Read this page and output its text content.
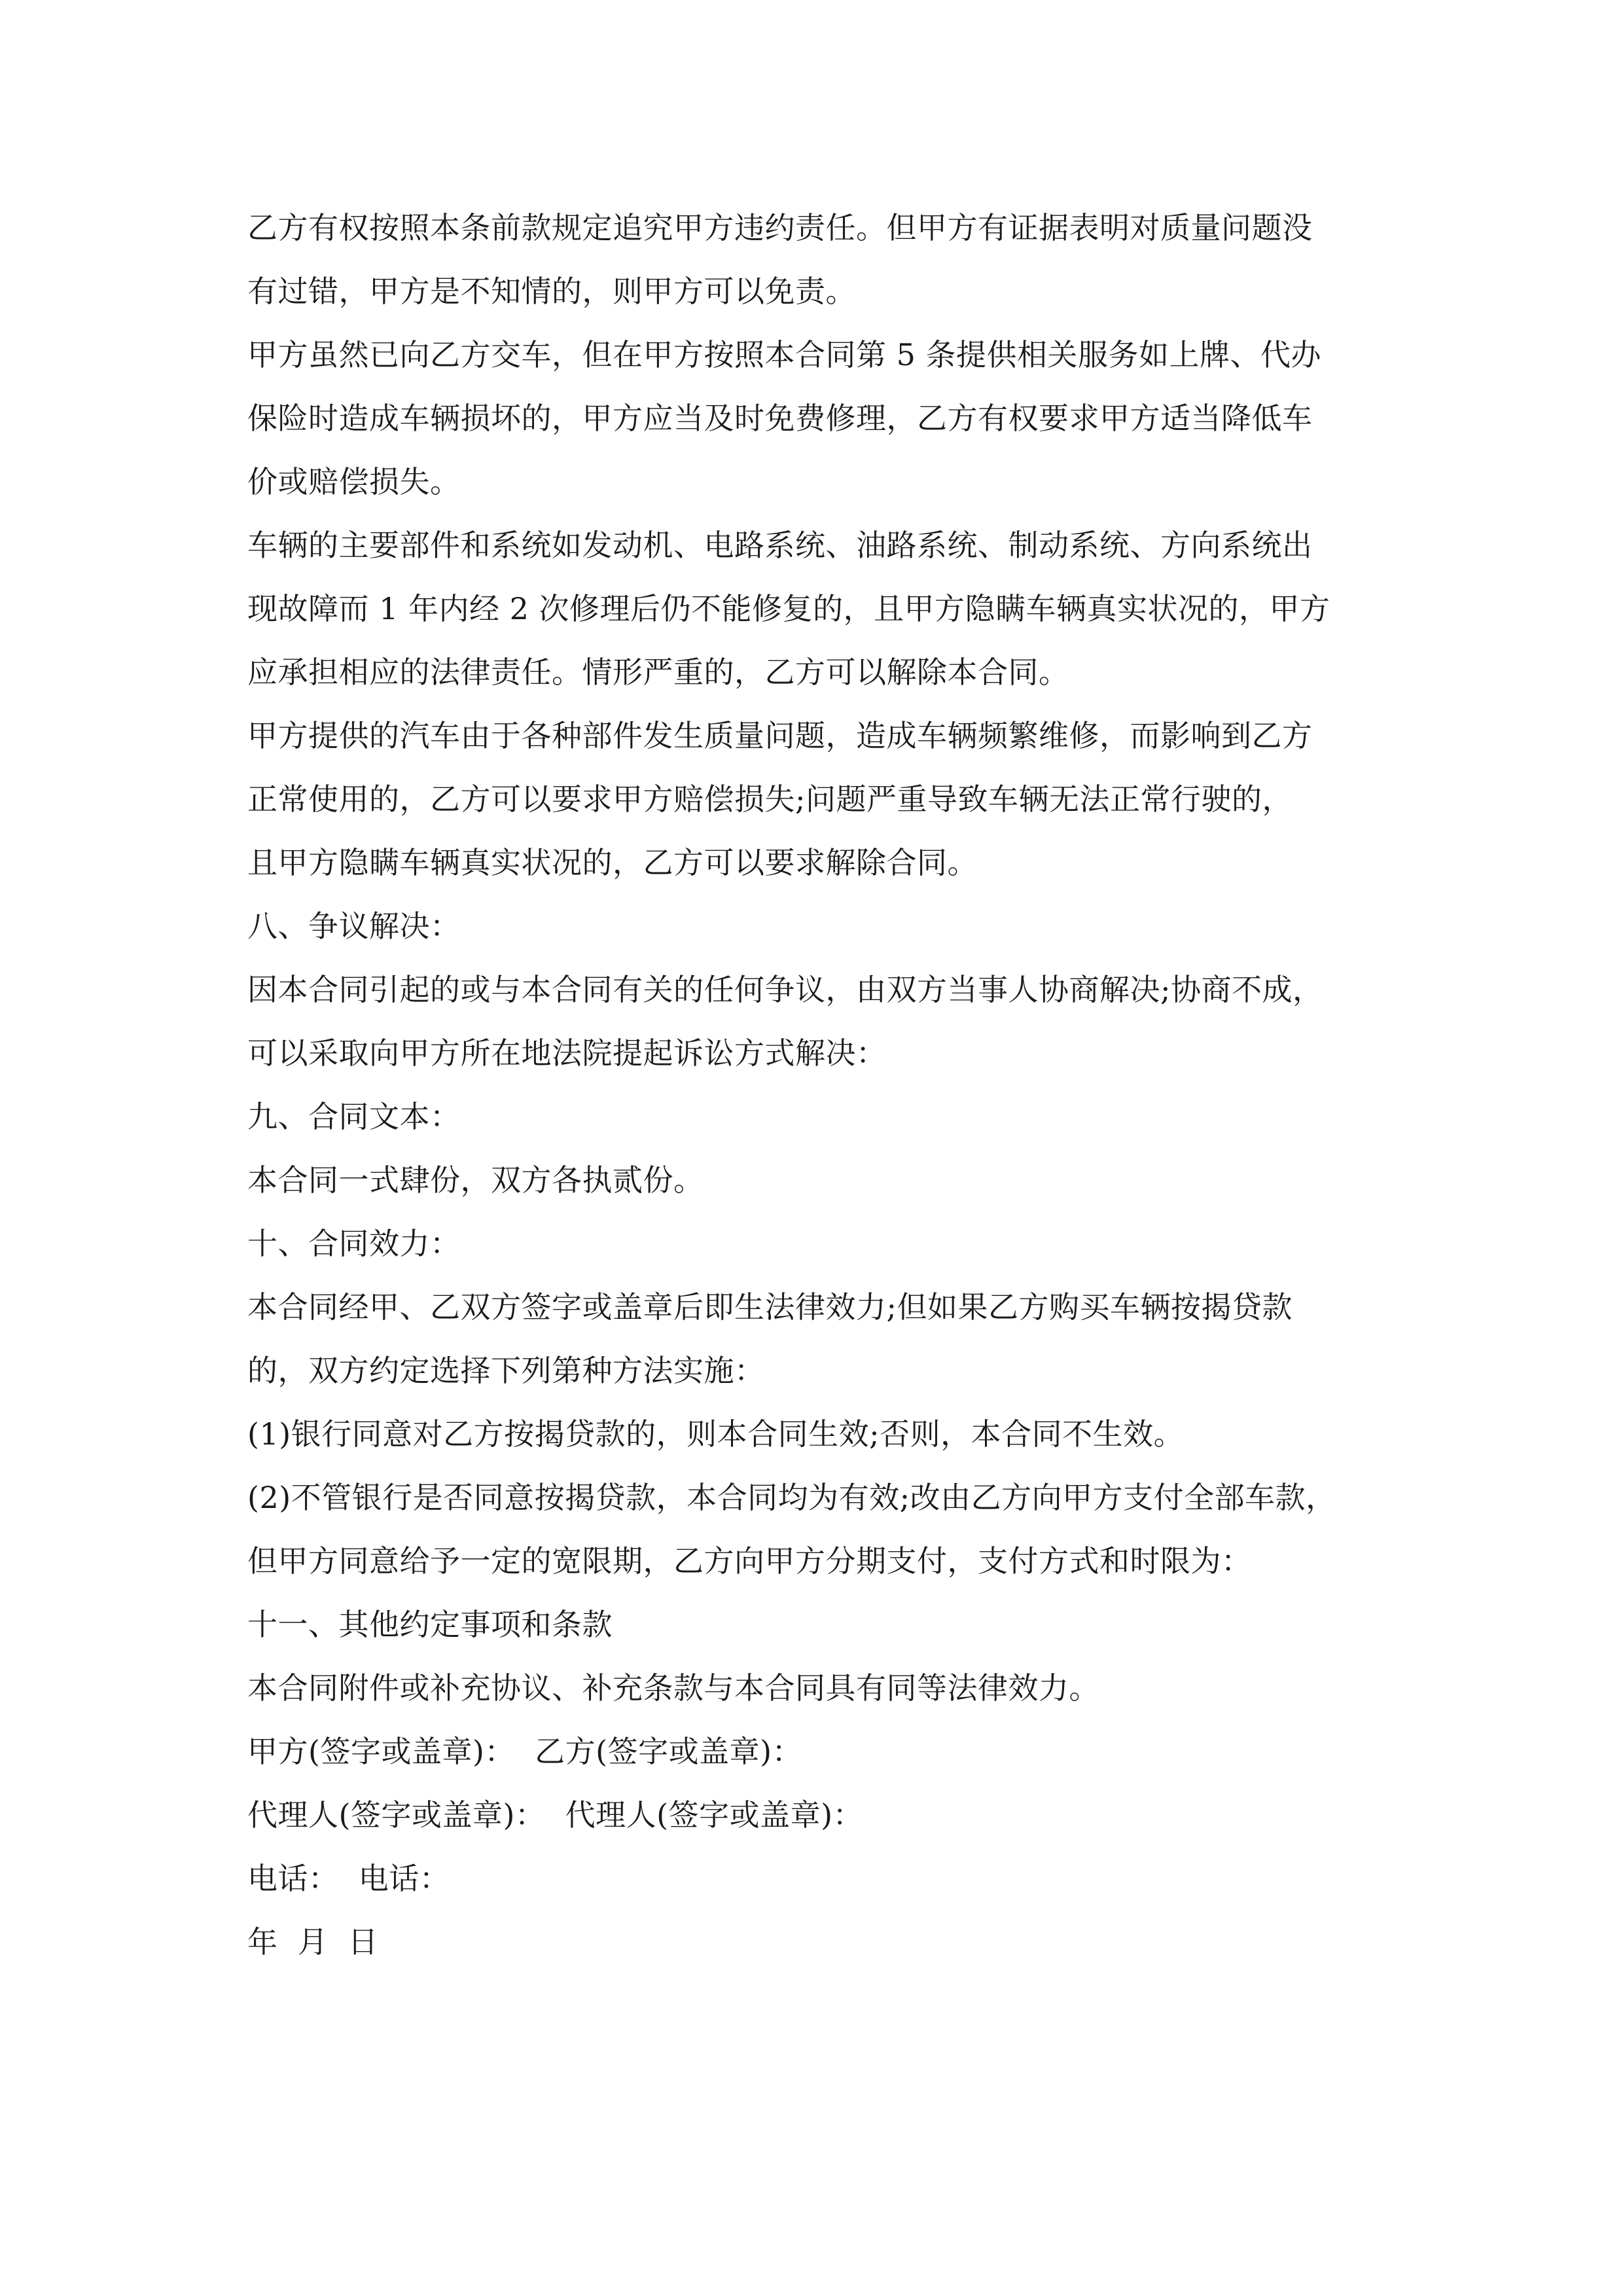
乙方有权按照本条前款规定追究甲方违约责任。但甲方有证据表明对质量问题没
有过错，甲方是不知情的，则甲方可以免责。

甲方虽然已向乙方交车，但在甲方按照本合同第 5 条提供相关服务如上牌、代办
保险时造成车辆损坏的，甲方应当及时免费修理，乙方有权要求甲方适当降低车
价或赔偿损失。

车辆的主要部件和系统如发动机、电路系统、油路系统、制动系统、方向系统出
现故障而 1 年内经 2 次修理后仍不能修复的，且甲方隐瞒车辆真实状况的，甲方
应承担相应的法律责任。情形严重的，乙方可以解除本合同。

甲方提供的汽车由于各种部件发生质量问题，造成车辆频繁维修，而影响到乙方
正常使用的，乙方可以要求甲方赔偿损失;问题严重导致车辆无法正常行驶的，
且甲方隐瞒车辆真实状况的，乙方可以要求解除合同。

八、争议解决：

因本合同引起的或与本合同有关的任何争议，由双方当事人协商解决;协商不成，
可以采取向甲方所在地法院提起诉讼方式解决：

九、合同文本：

本合同一式肆份，双方各执贰份。

十、合同效力：

本合同经甲、乙双方签字或盖章后即生法律效力;但如果乙方购买车辆按揭贷款
的，双方约定选择下列第种方法实施：

(1)银行同意对乙方按揭贷款的，则本合同生效;否则，本合同不生效。

(2)不管银行是否同意按揭贷款，本合同均为有效;改由乙方向甲方支付全部车款，
但甲方同意给予一定的宽限期，乙方向甲方分期支付，支付方式和时限为：

十一、其他约定事项和条款

本合同附件或补充协议、补充条款与本合同具有同等法律效力。

甲方(签字或盖章)：  乙方(签字或盖章)：

代理人(签字或盖章)：  代理人(签字或盖章)：

电话：  电话：

年  月  日
